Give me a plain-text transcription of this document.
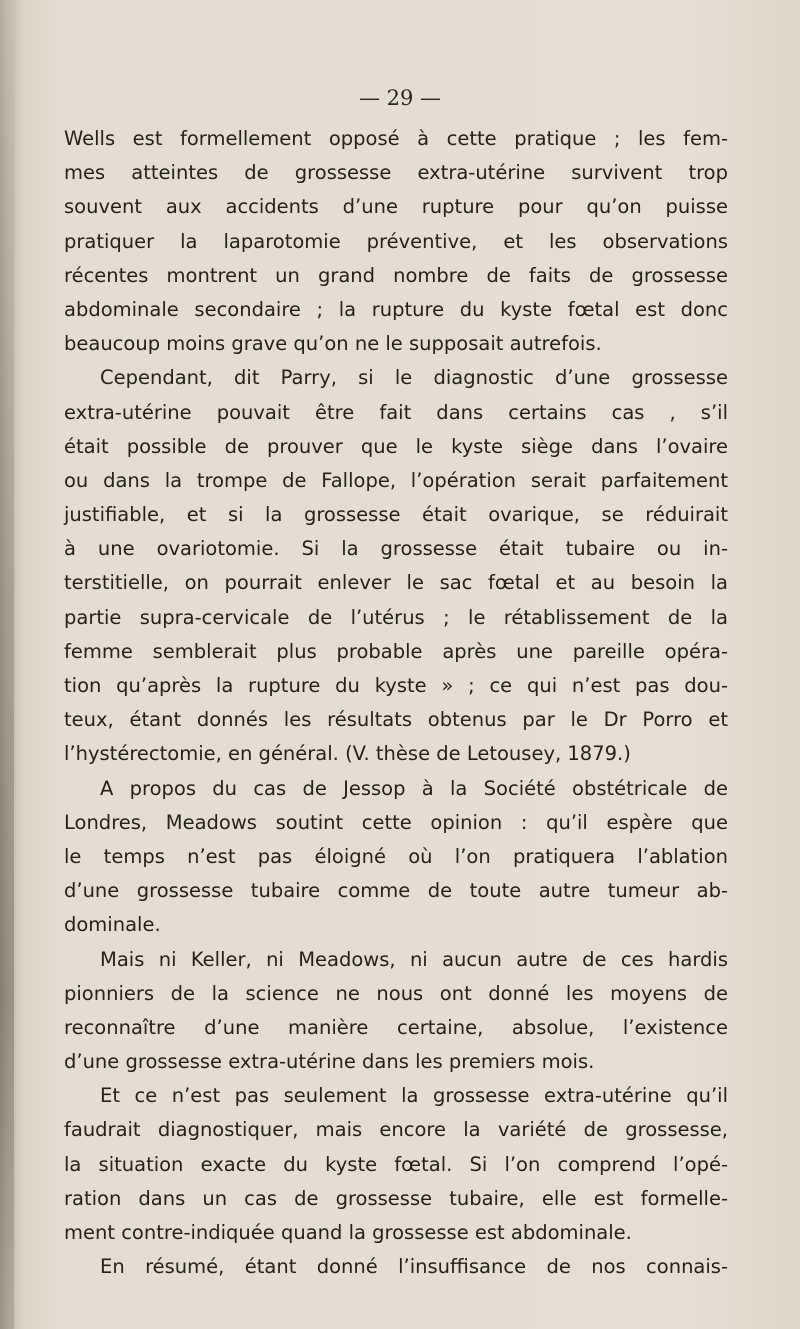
— 29 —
Wells est formellement opposé à cette pratique ; les fem-
mes atteintes de grossesse extra-utérine survivent trop
souvent aux accidents d’une rupture pour qu’on puisse
pratiquer la laparotomie préventive, et les observations
récentes montrent un grand nombre de faits de grossesse
abdominale secondaire ; la rupture du kyste fœtal est donc
beaucoup moins grave qu’on ne le supposait autrefois.
Cependant, dit Parry, si le diagnostic d’une grossesse
extra-utérine pouvait être fait dans certains cas , s’il
était possible de prouver que le kyste siège dans l’ovaire
ou dans la trompe de Fallope, l’opération serait parfaitement
justifiable, et si la grossesse était ovarique, se réduirait
à une ovariotomie. Si la grossesse était tubaire ou in-
terstitielle, on pourrait enlever le sac fœtal et au besoin la
partie supra-cervicale de l’utérus ; le rétablissement de la
femme semblerait plus probable après une pareille opéra-
tion qu’après la rupture du kyste » ; ce qui n’est pas dou-
teux, étant donnés les résultats obtenus par le Dr Porro et
l’hystérectomie, en général. (V. thèse de Letousey, 1879.)
A propos du cas de Jessop à la Société obstétricale de
Londres, Meadows soutint cette opinion : qu’il espère que
le temps n’est pas éloigné où l’on pratiquera l’ablation
d’une grossesse tubaire comme de toute autre tumeur ab-
dominale.
Mais ni Keller, ni Meadows, ni aucun autre de ces hardis
pionniers de la science ne nous ont donné les moyens de
reconnaître d’une manière certaine, absolue, l’existence
d’une grossesse extra-utérine dans les premiers mois.
Et ce n’est pas seulement la grossesse extra-utérine qu’il
faudrait diagnostiquer, mais encore la variété de grossesse,
la situation exacte du kyste fœtal. Si l’on comprend l’opé-
ration dans un cas de grossesse tubaire, elle est formelle-
ment contre-indiquée quand la grossesse est abdominale.
En résumé, étant donné l’insuffisance de nos connais-
